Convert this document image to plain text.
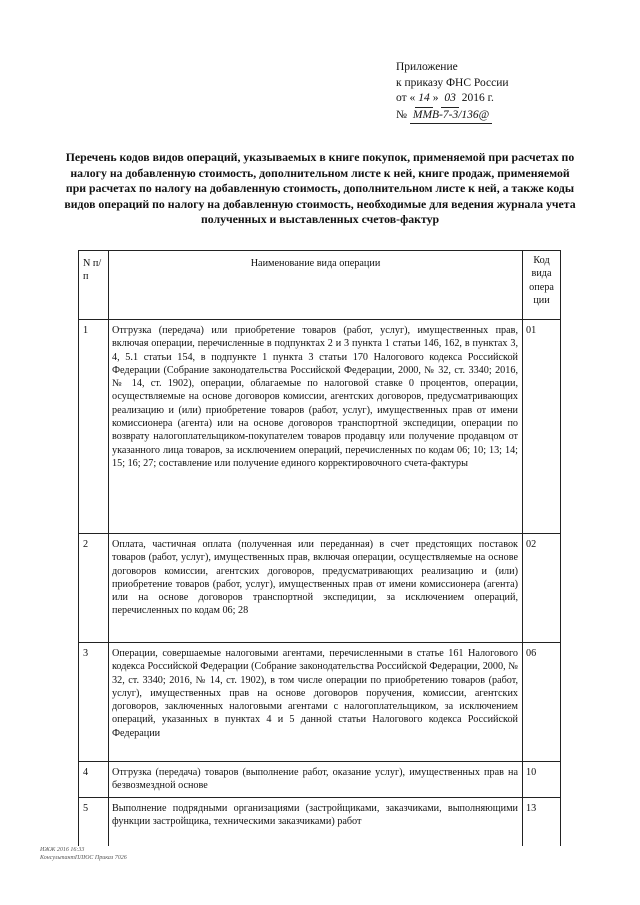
Приложение
к приказу ФНС России
от « 14 » 03 2016 г.
№ ММВ-7-3/136@
Перечень кодов видов операций, указываемых в книге покупок, применяемой при расчетах по налогу на добавленную стоимость, дополнительном листе к ней, книге продаж, применяемой при расчетах по налогу на добавленную стоимость, дополнительном листе к ней, а также коды видов операций по налогу на добавленную стоимость, необходимые для ведения журнала учета полученных и выставленных счетов-фактур
N п/п	Наименование вида операции	Код вида опера ции
1	Отгрузка (передача) или приобретение товаров (работ, услуг), имущественных прав, включая операции, перечисленные в подпунктах 2 и 3 пункта 1 статьи 146, 162, в пунктах 3, 4, 5.1 статьи 154, в подпункте 1 пункта 3 статьи 170 Налогового кодекса Российской Федерации (Собрание законодательства Российской Федерации, 2000, № 32, ст. 3340; 2016, № 14, ст. 1902), операции, облагаемые по налоговой ставке 0 процентов, операции, осуществляемые на основе договоров комиссии, агентских договоров, предусматривающих реализацию и (или) приобретение товаров (работ, услуг), имущественных прав от имени комиссионера (агента) или на основе договоров транспортной экспедиции, операции по возврату налогоплательщиком-покупателем товаров продавцу или получение продавцом от указанного лица товаров, за исключением операций, перечисленных по кодам 06; 10; 13; 14; 15; 16; 27; составление или получение единого корректировочного счета-фактуры	01
2	Оплата, частичная оплата (полученная или переданная) в счет предстоящих поставок товаров (работ, услуг), имущественных прав, включая операции, осуществляемые на основе договоров комиссии, агентских договоров, предусматривающих реализацию и (или) приобретение товаров (работ, услуг), имущественных прав от имени комиссионера (агента) или на основе договоров транспортной экспедиции, за исключением операций, перечисленных по кодам 06; 28	02
3	Операции, совершаемые налоговыми агентами, перечисленными в статье 161 Налогового кодекса Российской Федерации (Собрание законодательства Российской Федерации, 2000, № 32, ст. 3340; 2016, № 14, ст. 1902), в том числе операции по приобретению товаров (работ, услуг), имущественных прав на основе договоров поручения, комиссии, агентских договоров, заключенных налоговыми агентами с налогоплательщиком, за исключением операций, указанных в пунктах 4 и 5 данной статьи Налогового кодекса Российской Федерации	06
4	Отгрузка (передача) товаров (выполнение работ, оказание услуг), имущественных прав на безвозмездной основе	10
5	Выполнение подрядными организациями (застройщиками, заказчиками, выполняющими функции застройщика, техническими заказчиками) работ	13
ИЖЖ 2016 16:33
КонсультантПЛЮС Приказ 7026
